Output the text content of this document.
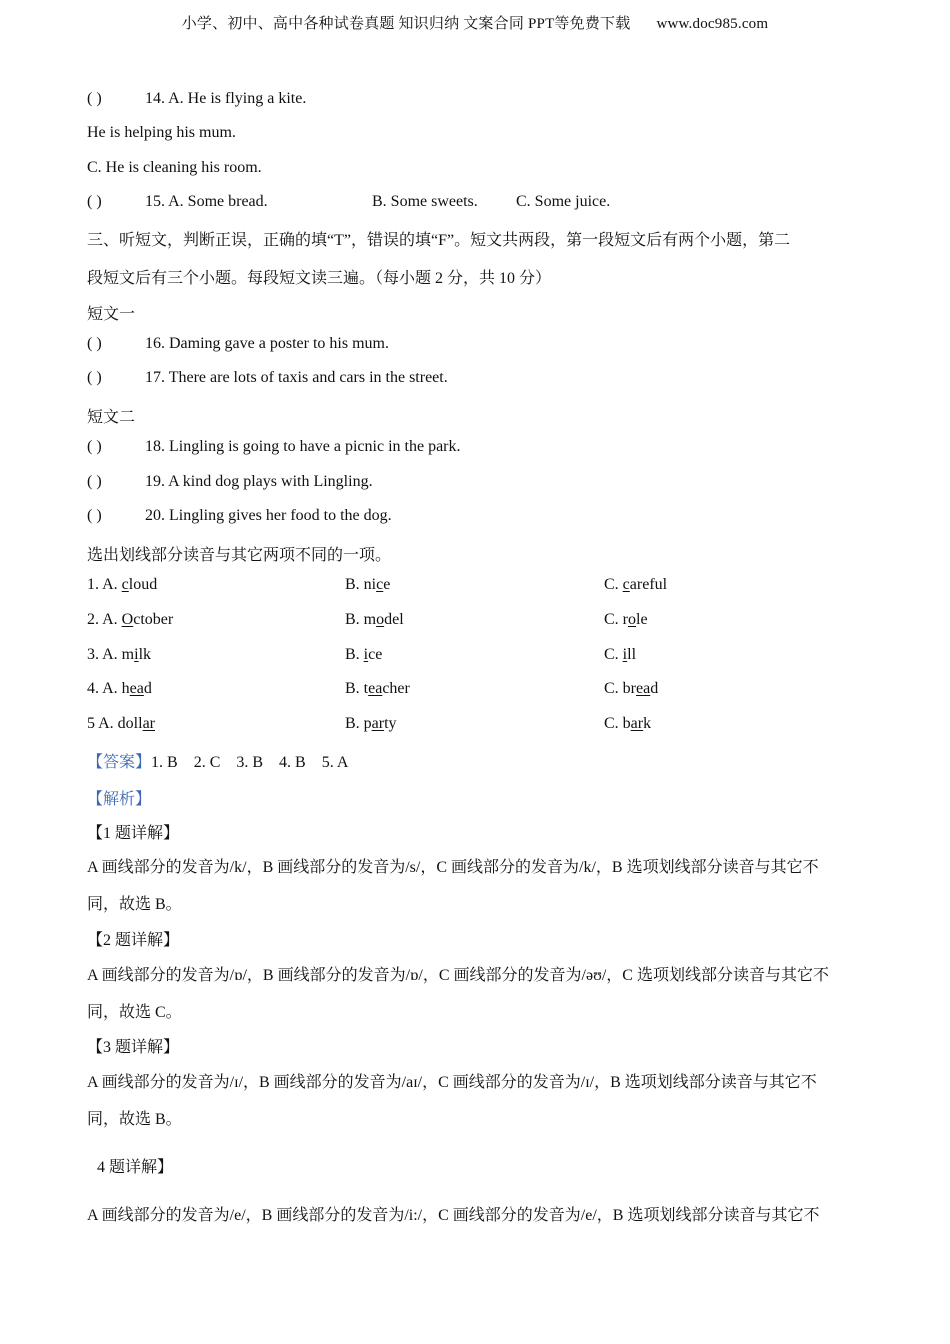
小学、初中、高中各种试卷真题 知识归纳 文案合同 PPT等免费下载 www.doc985.com
( )	14. A. He is flying a kite.
He is helping his mum.
C. He is cleaning his room.
( )	15. A. Some bread.	B. Some sweets. C. Some juice.
三、听短文，判断正误，正确的填“T”，错误的填“F”。短文共两段，第一段短文后有两个小题，第二
段短文后有三个小题。每段短文读三遍。（每小题 2 分，共 10 分）
短文一
( )	16. Daming gave a poster to his mum.
( )	17. There are lots of taxis and cars in the street.
短文二
( )	18. Lingling is going to have a picnic in the park.
( )	19. A kind dog plays with Lingling.
( )	20. Lingling gives her food to the dog.
选出划线部分读音与其它两项不同的一项。
1. A. cloud	B. nice	C. careful
2. A. October	B. model	C. role
3. A. milk	B. ice	C. ill
4. A. head	B. teacher	C. bread
5 A. dollar	B. party	C. bark
【答案】1. B 2. C 3. B 4. B 5. A
【解析】
【1 题详解】
A 画线部分的发音为/k/，B 画线部分的发音为/s/，C 画线部分的发音为/k/，B 选项划线部分读音与其它不
同，故选 B。
【2 题详解】
A 画线部分的发音为/ɒ/，B 画线部分的发音为/ɒ/，C 画线部分的发音为/əʊ/，C 选项划线部分读音与其它不
同，故选 C。
【3 题详解】
A 画线部分的发音为/ɪ/，B 画线部分的发音为/aɪ/，C 画线部分的发音为/ɪ/，B 选项划线部分读音与其它不
同，故选 B。
4 题详解】
A 画线部分的发音为/e/，B 画线部分的发音为/i:/，C 画线部分的发音为/e/，B 选项划线部分读音与其它不
